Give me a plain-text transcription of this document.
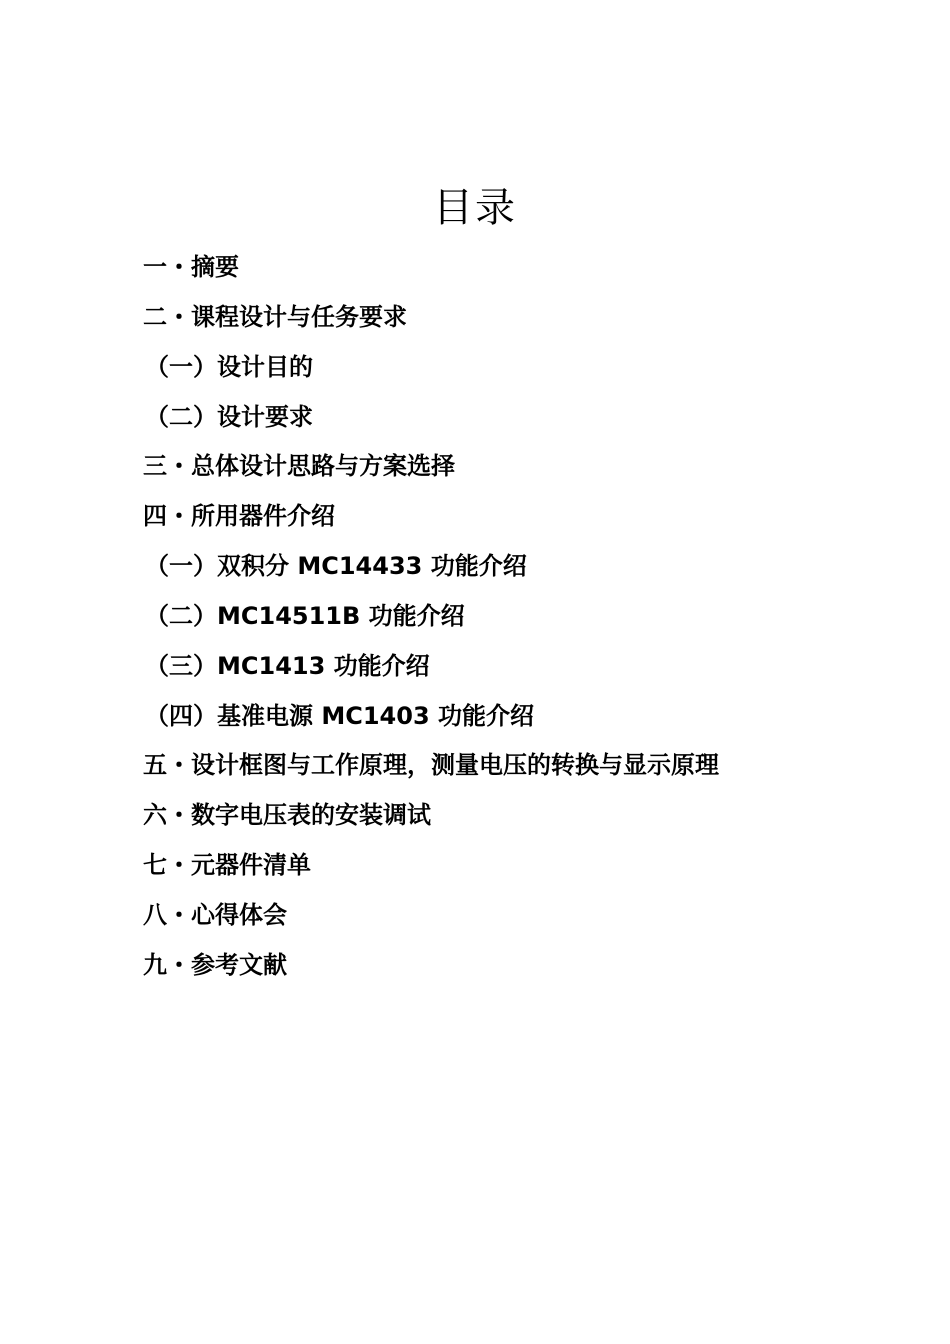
目录
一・摘要
二・课程设计与任务要求
（一）设计目的
（二）设计要求
三・总体设计思路与方案选择
四・所用器件介绍
（一）双积分 MC14433 功能介绍
（二）MC14511B 功能介绍
（三）MC1413 功能介绍
（四）基准电源 MC1403 功能介绍
五・设计框图与工作原理，测量电压的转换与显示原理
六・数字电压表的安装调试
七・元器件清单
八・心得体会
九・参考文献
